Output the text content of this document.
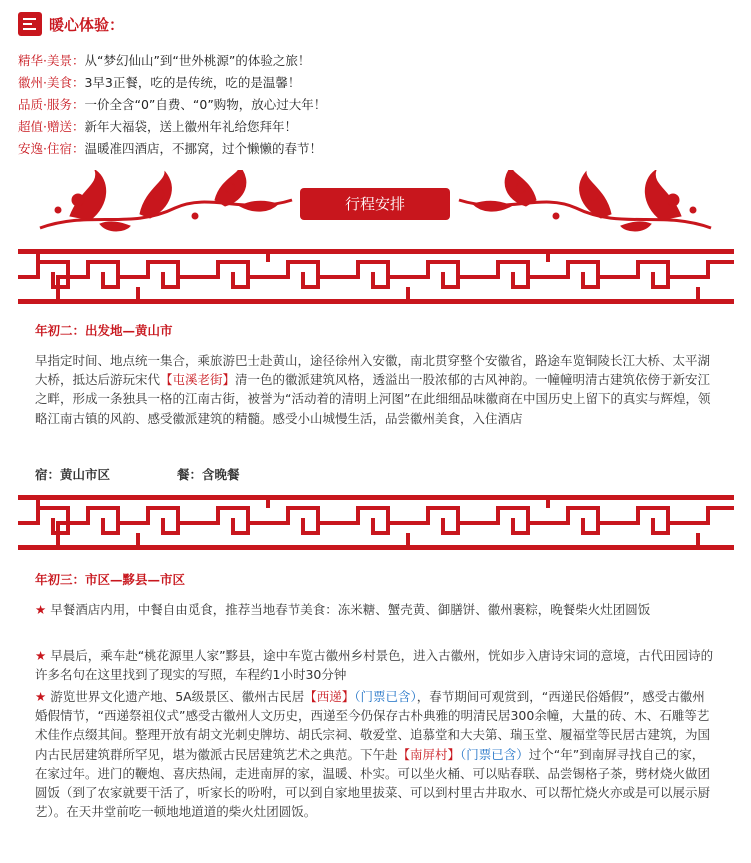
暖心体验：
精华·美景：从“梦幻仙山”到“世外桃源”的体验之旅！
徽州·美食：3早3正餐，吃的是传统，吃的是温馨！
品质·服务：一价全含“0”自费、“0”购物，放心过大年！
超值·赠送：新年大福袋，送上徽州年礼给您拜年！
安逸·住宿：温暖准四酒店，不挪窝，过个懒懒的春节！
行程安排
年初二：出发地—黄山市
早指定时间、地点统一集合，乘旅游巴士赴黄山，途径徐州入安徽，南北贯穿整个安徽省，路途车览铜陵长江大桥、太平湖大桥，抵达后游玩宋代【屯溪老街】清一色的徽派建筑风格，透溢出一股浓郁的古风神韵。一幢幢明清古建筑依傍于新安江之畔，形成一条独具一格的江南古街，被誉为“活动着的清明上河图”在此细细品味徽商在中国历史上留下的真实与辉煌，领略江南古镇的风韵、感受徽派建筑的精髓。感受小山城慢生活，品尝徽州美食，入住酒店
宿：黄山市区	餐：含晚餐
年初三：市区—黟县—市区
★ 早餐酒店内用，中餐自由觅食，推荐当地春节美食：冻米糖、蟹壳黄、御膳饼、徽州裹粽，晚餐柴火灶团圆饭
★ 早晨后，乘车赴“桃花源里人家”黟县，途中车览古徽州乡村景色，进入古徽州，恍如步入唐诗宋词的意境，古代田园诗的许多名句在这里找到了现实的写照，车程约1小时30分钟
★ 游览世界文化遗产地、5A级景区、徽州古民居【西递】（门票已含），春节期间可观赏到，“西递民俗婚假”，感受古徽州婚假情节，“西递祭祖仪式”感受古徽州人文历史，西递至今仍保存古朴典雅的明清民居300余幢，大量的砖、木、石雕等艺术佳作点缀其间。整理开放有胡文光刺史牌坊、胡氏宗祠、敬爱堂、追慕堂和大夫第、瑞玉堂、履福堂等民居古建筑，为国内古民居建筑群所罕见，堪为徽派古民居建筑艺术之典范。下午赴【南屏村】（门票已含）过个“年”到南屏寻找自己的家，在家过年。进门的鞭炮、喜庆热闹，走进南屏的家，温暖、朴实。可以坐火桶、可以贴春联、品尝锡格子茶，劈材烧火做团圆饭（到了农家就要干活了，听家长的吩咐，可以到自家地里拔菜、可以到村里古井取水、可以帮忙烧火亦或是可以展示厨艺）。在天井堂前吃一顿地地道道的柴火灶团圆饭。
